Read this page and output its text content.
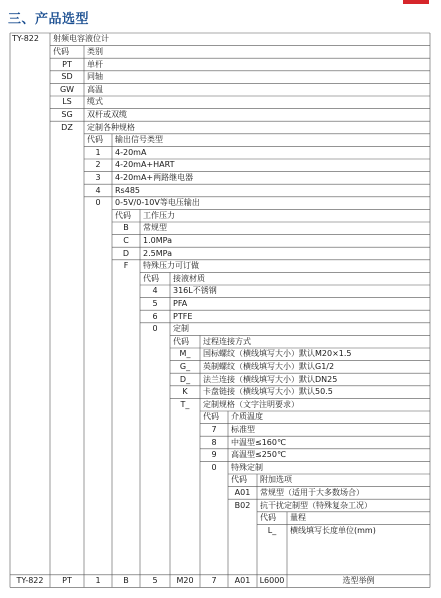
三、产品选型
TY-822	射频电容液位计
代码	类别
PT	单杆
SD	同轴
GW	高温
LS	缆式
SG	双杆或双缆
DZ	定制各种规格
代码	输出信号类型
1	4-20mA
2	4-20mA+HART
3	4-20mA+两路继电器
4	Rs485
0	0-5V/0-10V等电压输出
代码	工作压力
B	常规型
C	1.0MPa
D	2.5MPa
F	特殊压力可订做
代码	接液材质
4	316L不锈钢
5	PFA
6	PTFE
0	定制
代码	过程连接方式
M_	国标螺纹（横线填写大小）默认M20×1.5
G_	英制螺纹（横线填写大小）默认G1/2
D_	法兰连接（横线填写大小）默认DN25
K	卡盘链接（横线填写大小）默认50.5
T_	定制规格（文字注明要求）
代码	介质温度
7	标准型
8	中温型≤160℃
9	高温型≤250℃
0	特殊定制
代码	附加选项
A01	常规型（适用于大多数场合）
B02	抗干扰定制型（特殊复杂工况）
代码	量程
L_	横线填写长度单位(mm)
TY-822	PT	1	B	5	M20	7	A01	L6000	选型举例
